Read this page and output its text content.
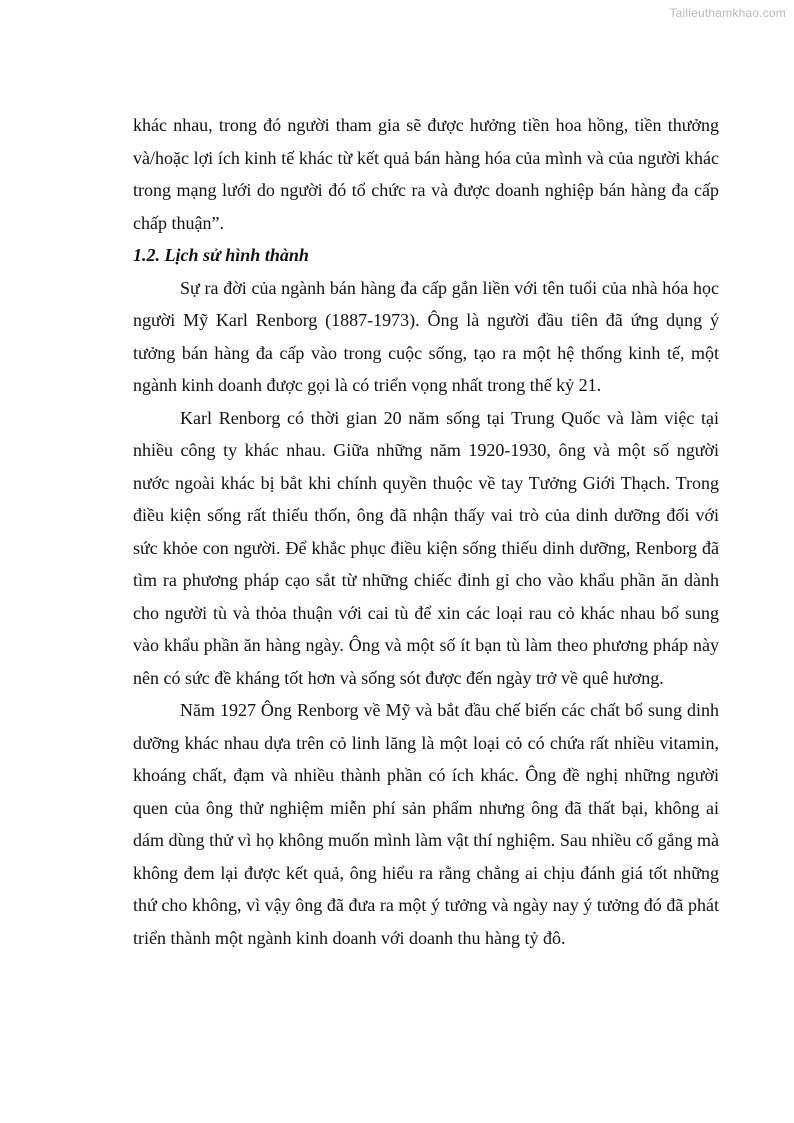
Tailieuthamkhao.com

khác nhau, trong đó người tham gia sẽ được hưởng tiền hoa hồng, tiền thưởng và/hoặc lợi ích kinh tế khác từ kết quả bán hàng hóa của mình và của người khác trong mạng lưới do người đó tổ chức ra và được doanh nghiệp bán hàng đa cấp chấp thuận”.

1.2. Lịch sử hình thành

Sự ra đời của ngành bán hàng đa cấp gắn liền với tên tuổi của nhà hóa học người Mỹ Karl Renborg (1887-1973). Ông là người đầu tiên đã ứng dụng ý tưởng bán hàng đa cấp vào trong cuộc sống, tạo ra một hệ thống kinh tế, một ngành kinh doanh được gọi là có triển vọng nhất trong thế kỷ 21.

Karl Renborg có thời gian 20 năm sống tại Trung Quốc và làm việc tại nhiều công ty khác nhau. Giữa những năm 1920-1930, ông và một số người nước ngoài khác bị bắt khi chính quyền thuộc về tay Tưởng Giới Thạch. Trong điều kiện sống rất thiếu thốn, ông đã nhận thấy vai trò của dinh dưỡng đối với sức khỏe con người. Để khắc phục điều kiện sống thiếu dinh dưỡng, Renborg đã tìm ra phương pháp cạo sắt từ những chiếc đinh gỉ cho vào khẩu phần ăn dành cho người tù và thỏa thuận với cai tù để xin các loại rau cỏ khác nhau bổ sung vào khẩu phần ăn hàng ngày. Ông và một số ít bạn tù làm theo phương pháp này nên có sức đề kháng tốt hơn và sống sót được đến ngày trở về quê hương.

Năm 1927 Ông Renborg về Mỹ và bắt đầu chế biến các chất bổ sung dinh dưỡng khác nhau dựa trên cỏ linh lăng là một loại cỏ có chứa rất nhiều vitamin, khoáng chất, đạm và nhiều thành phần có ích khác. Ông đề nghị những người quen của ông thử nghiệm miễn phí sản phẩm nhưng ông đã thất bại, không ai dám dùng thử vì họ không muốn mình làm vật thí nghiệm. Sau nhiều cố gắng mà không đem lại được kết quả, ông hiểu ra rằng chẳng ai chịu đánh giá tốt những thứ cho không, vì vậy ông đã đưa ra một ý tưởng và ngày nay ý tưởng đó đã phát triển thành một ngành kinh doanh với doanh thu hàng tỷ đô.
